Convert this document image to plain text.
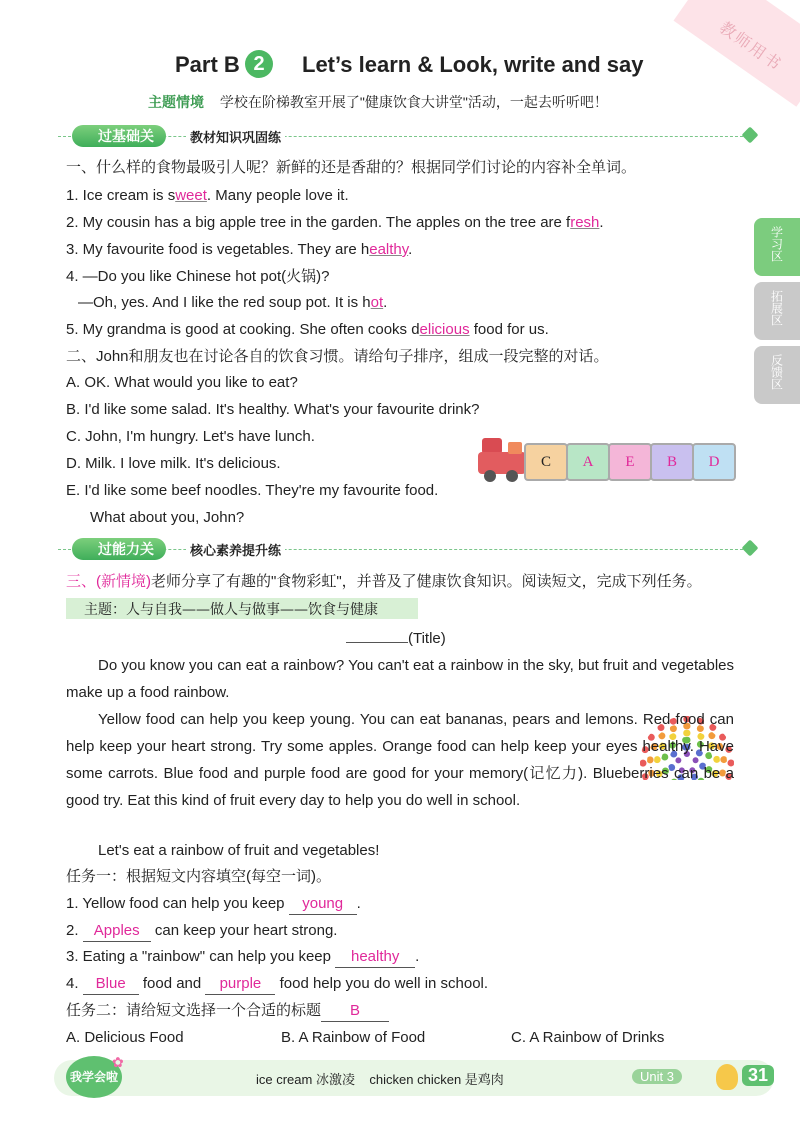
教师用书
Part B 2	Let’s learn & Look, write and say
主题情境 学校在阶梯教室开展了"健康饮食大讲堂"活动，一起去听听吧！
学习区
拓展区
反馈区
过基础关	教材知识巩固练
一、什么样的食物最吸引人呢？新鲜的还是香甜的？根据同学们讨论的内容补全单词。
1. Ice cream is sweet. Many people love it.
2. My cousin has a big apple tree in the garden. The apples on the tree are fresh.
3. My favourite food is vegetables. They are healthy.
4. —Do you like Chinese hot pot(火锅)?
—Oh, yes. And I like the red soup pot. It is hot.
5. My grandma is good at cooking. She often cooks delicious food for us.
二、John和朋友也在讨论各自的饮食习惯。请给句子排序，组成一段完整的对话。
A. OK. What would you like to eat?
B. I'd like some salad. It's healthy. What's your favourite drink?
C. John, I'm hungry. Let's have lunch.
D. Milk. I love milk. It's delicious.
E. I'd like some beef noodles. They're my favourite food.
What about you, John?
C	A	E	B	D
过能力关	核心素养提升练
三、(新情境)老师分享了有趣的"食物彩虹"，并普及了健康饮食知识。阅读短文，完成下列任务。
主题：人与自我——做人与做事——饮食与健康
(Title)
Do you know you can eat a rainbow? You can't eat a rainbow in the sky, but fruit and vegetables make up a food rainbow.
Yellow food can help you keep young. You can eat bananas, pears and lemons. Red food can help keep your heart strong. Try some apples. Orange food can help keep your eyes healthy. Have some carrots. Blue food and purple food are good for your memory(记忆力). Blueberries can be a good try. Eat this kind of fruit every day to help you do well in school.
Let's eat a rainbow of fruit and vegetables!
任务一：根据短文内容填空(每空一词)。
1. Yellow food can help you keep young .
2. Apples can keep your heart strong.
3. Eating a "rainbow" can help you keep healthy .
4. Blue food and purple food help you do well in school.
任务二：请给短文选择一个合适的标题 B
A. Delicious Food	B. A Rainbow of Food	C. A Rainbow of Drinks
我学会啦
✿
ice cream 冰激凌    chicken chicken 是鸡肉	Unit 3	31
